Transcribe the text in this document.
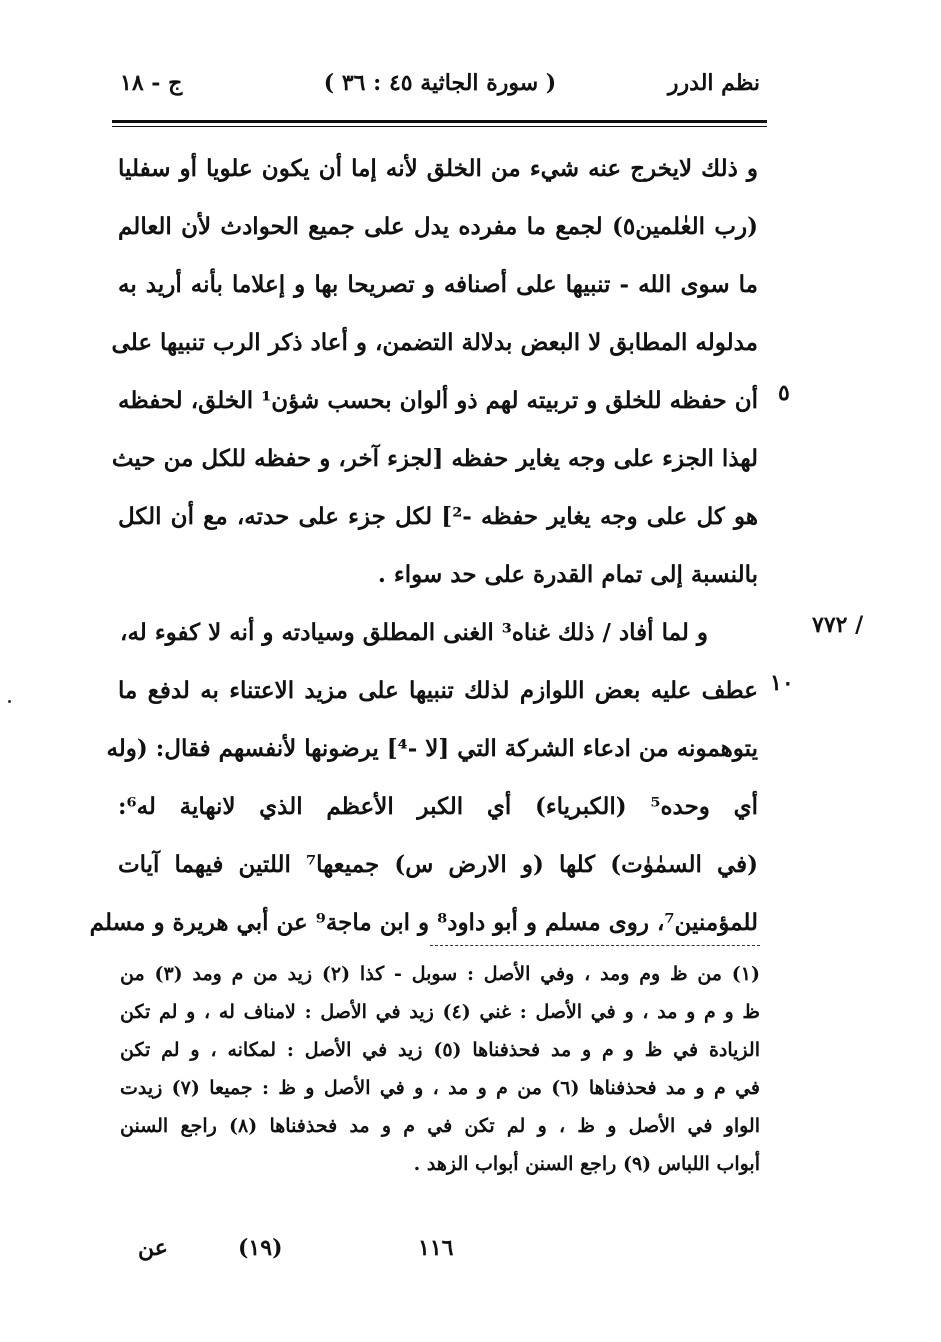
نظم الدرر
( سورة الجاثية ٤٥ : ٣٦ )
ج - ١٨
و ذلك لايخرج عنه شيء من الخلق لأنه إما أن يكون علويا أو سفليا
(رب العٰلمين٥) لجمع ما مفرده يدل على جميع الحوادث لأن العالم
ما سوى الله - تنبيها على أصنافه و تصريحا بها و إعلاما بأنه أريد به
مدلوله المطابق لا البعض بدلالة التضمن، و أعاد ذكر الرب تنبيها على
أن حفظه للخلق و تربيته لهم ذو ألوان بحسب شؤن¹ الخلق، لحفظه
لهذا الجزء على وجه يغاير حفظه [لجزء آخر، و حفظه للكل من حيث
هو كل على وجه يغاير حفظه -²] لكل جزء على حدته، مع أن الكل
بالنسبة إلى تمام القدرة على حد سواء .
و لما أفاد / ذلك غناه³ الغنى المطلق وسيادته و أنه لا كفوء له،
عطف عليه بعض اللوازم لذلك تنبيها على مزيد الاعتناء به لدفع ما
يتوهمونه من ادعاء الشركة التي [لا -⁴] يرضونها لأنفسهم فقال: (وله
أي وحده⁵ (الكبرياء) أي الكبر الأعظم الذي لانهاية له⁶:
(في السمٰوٰت) كلها (و الارض س) جميعها⁷ اللتين فيهما آيات
للمؤمنين⁷، روى مسلم و أبو داود⁸ و ابن ماجة⁹ عن أبي هريرة و مسلم
٥
١٠
٧٧٢ /
(١) من ظ وم ومد ، وفي الأصل : سوبل - كذا (٢) زيد من م ومد (٣) من
ظ و م و مد ، و في الأصل : غني (٤) زيد في الأصل : لامناف له ، و لم تكن
الزيادة في ظ و م و مد فحذفناها (٥) زيد في الأصل : لمكانه ، و لم تكن
في م و مد فحذفناها (٦) من م و مد ، و في الأصل و ظ : جميعا (٧) زيدت
الواو في الأصل و ظ ، و لم تكن في م و مد فحذفناها (٨) راجع السنن
أبواب اللباس (٩) راجع السنن أبواب الزهد .
١١٦
(١٩)
عن
